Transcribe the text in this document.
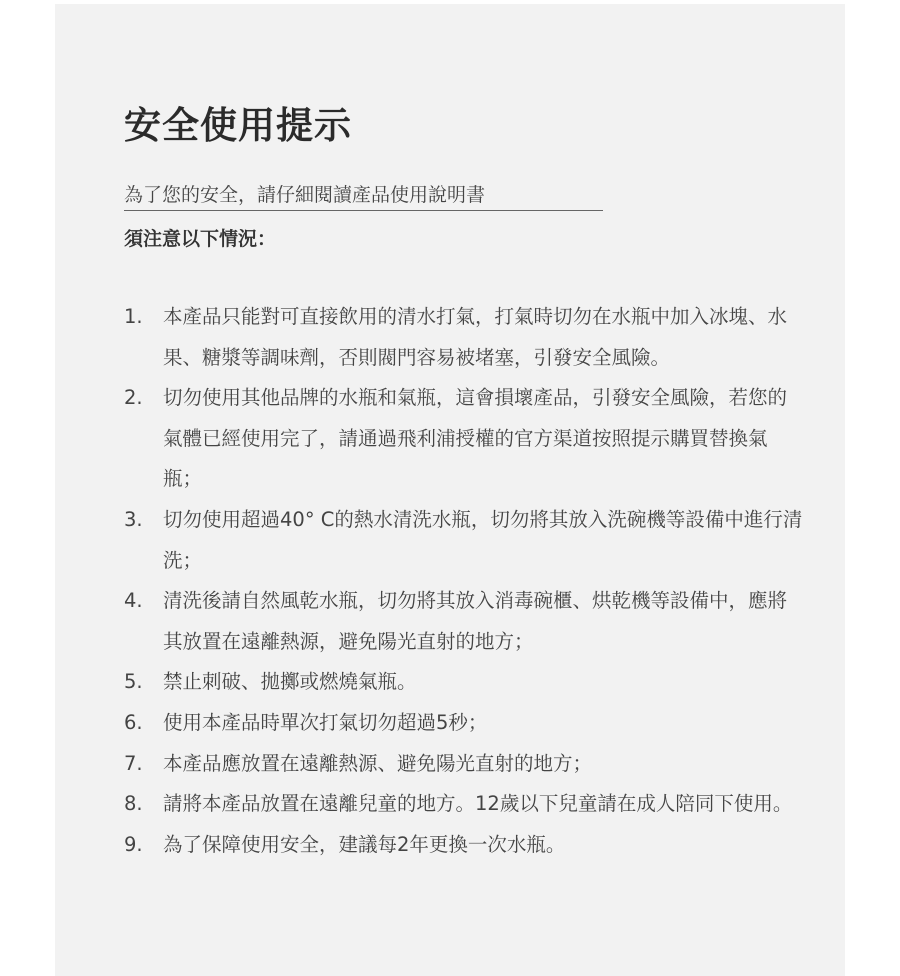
安全使用提示
為了您的安全，請仔細閱讀產品使用說明書
須注意以下情況：
1.	本產品只能對可直接飲用的清水打氣，打氣時切勿在水瓶中加入冰塊、水果、糖漿等調味劑，否則閥門容易被堵塞，引發安全風險。
2.	切勿使用其他品牌的水瓶和氣瓶，這會損壞產品，引發安全風險，若您的氣體已經使用完了，請通過飛利浦授權的官方渠道按照提示購買替換氣瓶；
3.	切勿使用超過40° C的熱水清洗水瓶，切勿將其放入洗碗機等設備中進行清洗；
4.	清洗後請自然風乾水瓶，切勿將其放入消毒碗櫃、烘乾機等設備中，應將其放置在遠離熱源，避免陽光直射的地方；
5.	禁止刺破、拋擲或燃燒氣瓶。
6.	使用本產品時單次打氣切勿超過5秒；
7.	本產品應放置在遠離熱源、避免陽光直射的地方；
8.	請將本產品放置在遠離兒童的地方。12歲以下兒童請在成人陪同下使用。
9.	為了保障使用安全，建議每2年更換一次水瓶。
